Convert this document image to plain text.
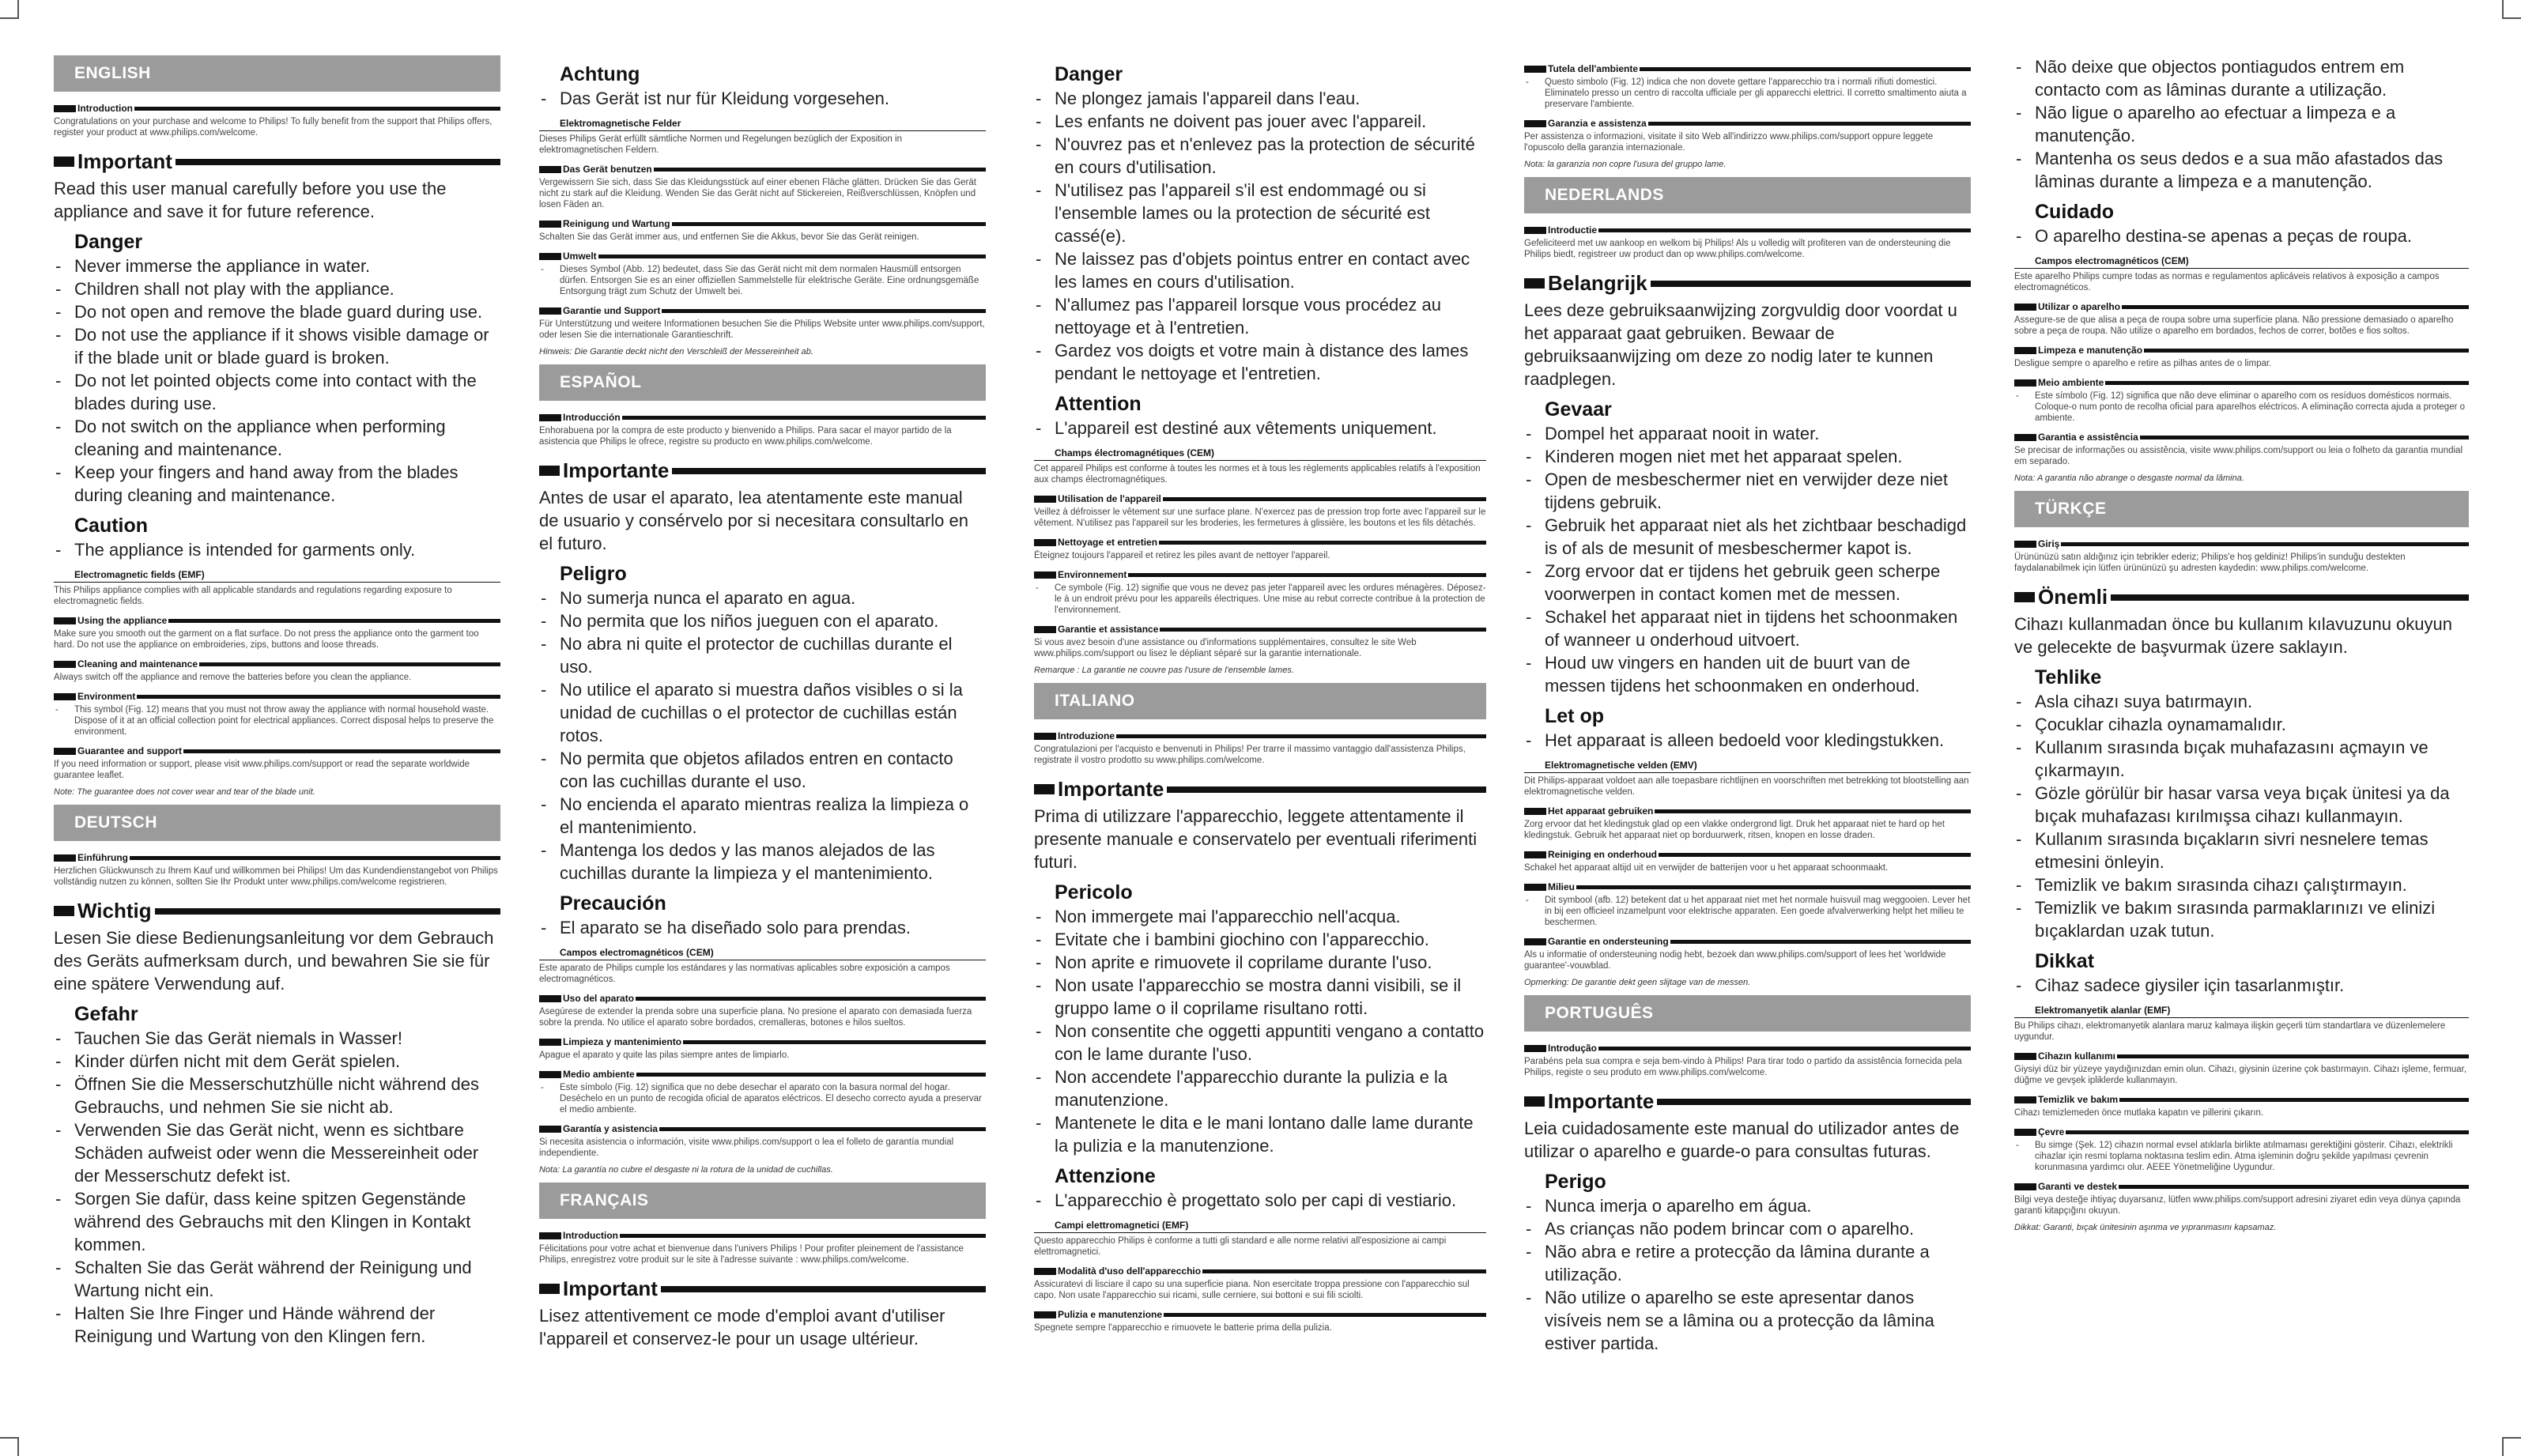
ENGLISH
Introduction

Congratulations on your purchase and welcome to Philips! To fully benefit from the support that Philips offers, register your product at www.philips.com/welcome.

Important

Read this user manual carefully before you use the appliance and save it for future reference.

Danger
- Never immerse the appliance in water.
- Children shall not play with the appliance.
- Do not open and remove the blade guard during use.
- Do not use the appliance if it shows visible damage or if the blade unit or blade guard is broken.
- Do not let pointed objects come into contact with the blades during use.
- Do not switch on the appliance when performing cleaning and maintenance.
- Keep your fingers and hand away from the blades during cleaning and maintenance.
Caution
- The appliance is intended for garments only.
Electromagnetic fields (EMF)

This Philips appliance complies with all applicable standards and regulations regarding exposure to electromagnetic fields.

Using the appliance

Make sure you smooth out the garment on a flat surface. Do not press the appliance onto the garment too hard. Do not use the appliance on embroideries, zips, buttons and loose threads.

Cleaning and maintenance

Always switch off the appliance and remove the batteries before you clean the appliance.

Environment
- This symbol (Fig. 12) means that you must not throw away the appliance with normal household waste. Dispose of it at an official collection point for electrical appliances. Correct disposal helps to preserve the environment.
Guarantee and support

If you need information or support, please visit www.philips.com/support or read the separate worldwide guarantee leaflet.

Note: The guarantee does not cover wear and tear of the blade unit.

DEUTSCH
Einführung

Herzlichen Glückwunsch zu Ihrem Kauf und willkommen bei Philips! Um das Kundendienstangebot von Philips vollständig nutzen zu können, sollten Sie Ihr Produkt unter www.philips.com/welcome registrieren.

Wichtig

Lesen Sie diese Bedienungsanleitung vor dem Gebrauch des Geräts aufmerksam durch, und bewahren Sie sie für eine spätere Verwendung auf.

Gefahr
- Tauchen Sie das Gerät niemals in Wasser!
- Kinder dürfen nicht mit dem Gerät spielen.
- Öffnen Sie die Messerschutzhülle nicht während des Gebrauchs, und nehmen Sie sie nicht ab.
- Verwenden Sie das Gerät nicht, wenn es sichtbare Schäden aufweist oder wenn die Messereinheit oder der Messerschutz defekt ist.
- Sorgen Sie dafür, dass keine spitzen Gegenstände während des Gebrauchs mit den Klingen in Kontakt kommen.
- Schalten Sie das Gerät während der Reinigung und Wartung nicht ein.
- Halten Sie Ihre Finger und Hände während der Reinigung und Wartung von den Klingen fern.
Achtung
- Das Gerät ist nur für Kleidung vorgesehen.
Elektromagnetische Felder

Dieses Philips Gerät erfüllt sämtliche Normen und Regelungen bezüglich der Exposition in elektromagnetischen Feldern.

Das Gerät benutzen

Vergewissern Sie sich, dass Sie das Kleidungsstück auf einer ebenen Fläche glätten. Drücken Sie das Gerät nicht zu stark auf die Kleidung. Wenden Sie das Gerät nicht auf Stickereien, Reißverschlüssen, Knöpfen und losen Fäden an.

Reinigung und Wartung

Schalten Sie das Gerät immer aus, und entfernen Sie die Akkus, bevor Sie das Gerät reinigen.

Umwelt
- Dieses Symbol (Abb. 12) bedeutet, dass Sie das Gerät nicht mit dem normalen Hausmüll entsorgen dürfen. Entsorgen Sie es an einer offiziellen Sammelstelle für elektrische Geräte. Eine ordnungsgemäße Entsorgung trägt zum Schutz der Umwelt bei.
Garantie und Support

Für Unterstützung und weitere Informationen besuchen Sie die Philips Website unter www.philips.com/support, oder lesen Sie die internationale Garantieschrift.

Hinweis: Die Garantie deckt nicht den Verschleiß der Messereinheit ab.

ESPAÑOL
Introducción

Enhorabuena por la compra de este producto y bienvenido a Philips. Para sacar el mayor partido de la asistencia que Philips le ofrece, registre su producto en www.philips.com/welcome.

Importante

Antes de usar el aparato, lea atentamente este manual de usuario y consérvelo por si necesitara consultarlo en el futuro.

Peligro
- No sumerja nunca el aparato en agua.
- No permita que los niños jueguen con el aparato.
- No abra ni quite el protector de cuchillas durante el uso.
- No utilice el aparato si muestra daños visibles o si la unidad de cuchillas o el protector de cuchillas están rotos.
- No permita que objetos afilados entren en contacto con las cuchillas durante el uso.
- No encienda el aparato mientras realiza la limpieza o el mantenimiento.
- Mantenga los dedos y las manos alejados de las cuchillas durante la limpieza y el mantenimiento.
Precaución
- El aparato se ha diseñado solo para prendas.
Campos electromagnéticos (CEM)

Este aparato de Philips cumple los estándares y las normativas aplicables sobre exposición a campos electromagnéticos.

Uso del aparato

Asegúrese de extender la prenda sobre una superficie plana. No presione el aparato con demasiada fuerza sobre la prenda. No utilice el aparato sobre bordados, cremalleras, botones e hilos sueltos.

Limpieza y mantenimiento

Apague el aparato y quite las pilas siempre antes de limpiarlo.

Medio ambiente
- Este símbolo (Fig. 12) significa que no debe desechar el aparato con la basura normal del hogar. Deséchelo en un punto de recogida oficial de aparatos eléctricos. El desecho correcto ayuda a preservar el medio ambiente.
Garantía y asistencia

Si necesita asistencia o información, visite www.philips.com/support o lea el folleto de garantía mundial independiente.

Nota: La garantía no cubre el desgaste ni la rotura de la unidad de cuchillas.

FRANÇAIS
Introduction

Félicitations pour votre achat et bienvenue dans l'univers Philips ! Pour profiter pleinement de l'assistance Philips, enregistrez votre produit sur le site à l'adresse suivante : www.philips.com/welcome.

Important

Lisez attentivement ce mode d'emploi avant d'utiliser l'appareil et conservez-le pour un usage ultérieur.

Danger
- Ne plongez jamais l'appareil dans l'eau.
- Les enfants ne doivent pas jouer avec l'appareil.
- N'ouvrez pas et n'enlevez pas la protection de sécurité en cours d'utilisation.
- N'utilisez pas l'appareil s'il est endommagé ou si l'ensemble lames ou la protection de sécurité est cassé(e).
- Ne laissez pas d'objets pointus entrer en contact avec les lames en cours d'utilisation.
- N'allumez pas l'appareil lorsque vous procédez au nettoyage et à l'entretien.
- Gardez vos doigts et votre main à distance des lames pendant le nettoyage et l'entretien.
Attention
- L'appareil est destiné aux vêtements uniquement.
Champs électromagnétiques (CEM)

Cet appareil Philips est conforme à toutes les normes et à tous les règlements applicables relatifs à l'exposition aux champs électromagnétiques.

Utilisation de l'appareil

Veillez à défroisser le vêtement sur une surface plane. N'exercez pas de pression trop forte avec l'appareil sur le vêtement. N'utilisez pas l'appareil sur les broderies, les fermetures à glissière, les boutons et les fils détachés.

Nettoyage et entretien

Éteignez toujours l'appareil et retirez les piles avant de nettoyer l'appareil.

Environnement
- Ce symbole (Fig. 12) signifie que vous ne devez pas jeter l'appareil avec les ordures ménagères. Déposez-le à un endroit prévu pour les appareils électriques. Une mise au rebut correcte contribue à la protection de l'environnement.
Garantie et assistance

Si vous avez besoin d'une assistance ou d'informations supplémentaires, consultez le site Web www.philips.com/support ou lisez le dépliant séparé sur la garantie internationale.

Remarque : La garantie ne couvre pas l'usure de l'ensemble lames.

ITALIANO
Introduzione

Congratulazioni per l'acquisto e benvenuti in Philips! Per trarre il massimo vantaggio dall'assistenza Philips, registrate il vostro prodotto su www.philips.com/welcome.

Importante

Prima di utilizzare l'apparecchio, leggete attentamente il presente manuale e conservatelo per eventuali riferimenti futuri.

Pericolo
- Non immergete mai l'apparecchio nell'acqua.
- Evitate che i bambini giochino con l'apparecchio.
- Non aprite e rimuovete il coprilame durante l'uso.
- Non usate l'apparecchio se mostra danni visibili, se il gruppo lame o il coprilame risultano rotti.
- Non consentite che oggetti appuntiti vengano a contatto con le lame durante l'uso.
- Non accendete l'apparecchio durante la pulizia e la manutenzione.
- Mantenete le dita e le mani lontano dalle lame durante la pulizia e la manutenzione.
Attenzione
- L'apparecchio è progettato solo per capi di vestiario.
Campi elettromagnetici (EMF)

Questo apparecchio Philips è conforme a tutti gli standard e alle norme relativi all'esposizione ai campi elettromagnetici.

Modalità d'uso dell'apparecchio

Assicuratevi di lisciare il capo su una superficie piana. Non esercitate troppa pressione con l'apparecchio sul capo. Non usate l'apparecchio sui ricami, sulle cerniere, sui bottoni e sui fili sciolti.

Pulizia e manutenzione

Spegnete sempre l'apparecchio e rimuovete le batterie prima della pulizia.

Tutela dell'ambiente
- Questo simbolo (Fig. 12) indica che non dovete gettare l'apparecchio tra i normali rifiuti domestici. Eliminatelo presso un centro di raccolta ufficiale per gli apparecchi elettrici. Il corretto smaltimento aiuta a preservare l'ambiente.
Garanzia e assistenza

Per assistenza o informazioni, visitate il sito Web all'indirizzo www.philips.com/support oppure leggete l'opuscolo della garanzia internazionale.

Nota: la garanzia non copre l'usura del gruppo lame.

NEDERLANDS
Introductie

Gefeliciteerd met uw aankoop en welkom bij Philips! Als u volledig wilt profiteren van de ondersteuning die Philips biedt, registreer uw product dan op www.philips.com/welcome.

Belangrijk

Lees deze gebruiksaanwijzing zorgvuldig door voordat u het apparaat gaat gebruiken. Bewaar de gebruiksaanwijzing om deze zo nodig later te kunnen raadplegen.

Gevaar
- Dompel het apparaat nooit in water.
- Kinderen mogen niet met het apparaat spelen.
- Open de mesbeschermer niet en verwijder deze niet tijdens gebruik.
- Gebruik het apparaat niet als het zichtbaar beschadigd is of als de mesunit of mesbeschermer kapot is.
- Zorg ervoor dat er tijdens het gebruik geen scherpe voorwerpen in contact komen met de messen.
- Schakel het apparaat niet in tijdens het schoonmaken of wanneer u onderhoud uitvoert.
- Houd uw vingers en handen uit de buurt van de messen tijdens het schoonmaken en onderhoud.
Let op
- Het apparaat is alleen bedoeld voor kledingstukken.
Elektromagnetische velden (EMV)

Dit Philips-apparaat voldoet aan alle toepasbare richtlijnen en voorschriften met betrekking tot blootstelling aan elektromagnetische velden.

Het apparaat gebruiken

Zorg ervoor dat het kledingstuk glad op een vlakke ondergrond ligt. Druk het apparaat niet te hard op het kledingstuk. Gebruik het apparaat niet op borduurwerk, ritsen, knopen en losse draden.

Reiniging en onderhoud

Schakel het apparaat altijd uit en verwijder de batterijen voor u het apparaat schoonmaakt.

Milieu
- Dit symbool (afb. 12) betekent dat u het apparaat niet met het normale huisvuil mag weggooien. Lever het in bij een officieel inzamelpunt voor elektrische apparaten. Een goede afvalverwerking helpt het milieu te beschermen.
Garantie en ondersteuning

Als u informatie of ondersteuning nodig hebt, bezoek dan www.philips.com/support of lees het 'worldwide guarantee'-vouwblad.

Opmerking: De garantie dekt geen slijtage van de messen.

PORTUGUÊS
Introdução

Parabéns pela sua compra e seja bem-vindo à Philips! Para tirar todo o partido da assistência fornecida pela Philips, registe o seu produto em www.philips.com/welcome.

Importante

Leia cuidadosamente este manual do utilizador antes de utilizar o aparelho e guarde-o para consultas futuras.

Perigo
- Nunca imerja o aparelho em água.
- As crianças não podem brincar com o aparelho.
- Não abra e retire a protecção da lâmina durante a utilização.
- Não utilize o aparelho se este apresentar danos visíveis nem se a lâmina ou a protecção da lâmina estiver partida.
- Não deixe que objectos pontiagudos entrem em contacto com as lâminas durante a utilização.
- Não ligue o aparelho ao efectuar a limpeza e a manutenção.
- Mantenha os seus dedos e a sua mão afastados das lâminas durante a limpeza e a manutenção.
Cuidado
- O aparelho destina-se apenas a peças de roupa.
Campos electromagnéticos (CEM)

Este aparelho Philips cumpre todas as normas e regulamentos aplicáveis relativos à exposição a campos electromagnéticos.

Utilizar o aparelho

Assegure-se de que alisa a peça de roupa sobre uma superfície plana. Não pressione demasiado o aparelho sobre a peça de roupa. Não utilize o aparelho em bordados, fechos de correr, botões e fios soltos.

Limpeza e manutenção

Desligue sempre o aparelho e retire as pilhas antes de o limpar.

Meio ambiente
- Este símbolo (Fig. 12) significa que não deve eliminar o aparelho com os resíduos domésticos normais. Coloque-o num ponto de recolha oficial para aparelhos eléctricos. A eliminação correcta ajuda a proteger o ambiente.
Garantia e assistência

Se precisar de informações ou assistência, visite www.philips.com/support ou leia o folheto da garantia mundial em separado.

Nota: A garantia não abrange o desgaste normal da lâmina.

TÜRKÇE
Giriş

Ürününüzü satın aldığınız için tebrikler ederiz; Philips'e hoş geldiniz! Philips'in sunduğu destekten faydalanabilmek için lütfen ürününüzü şu adresten kaydedin: www.philips.com/welcome.

Önemli

Cihazı kullanmadan önce bu kullanım kılavuzunu okuyun ve gelecekte de başvurmak üzere saklayın.

Tehlike
- Asla cihazı suya batırmayın.
- Çocuklar cihazla oynamamalıdır.
- Kullanım sırasında bıçak muhafazasını açmayın ve çıkarmayın.
- Gözle görülür bir hasar varsa veya bıçak ünitesi ya da bıçak muhafazası kırılmışsa cihazı kullanmayın.
- Kullanım sırasında bıçakların sivri nesnelere temas etmesini önleyin.
- Temizlik ve bakım sırasında cihazı çalıştırmayın.
- Temizlik ve bakım sırasında parmaklarınızı ve elinizi bıçaklardan uzak tutun.
Dikkat
- Cihaz sadece giysiler için tasarlanmıştır.
Elektromanyetik alanlar (EMF)

Bu Philips cihazı, elektromanyetik alanlara maruz kalmaya ilişkin geçerli tüm standartlara ve düzenlemelere uygundur.

Cihazın kullanımı

Giysiyi düz bir yüzeye yaydığınızdan emin olun. Cihazı, giysinin üzerine çok bastırmayın. Cihazı işleme, fermuar, düğme ve gevşek ipliklerde kullanmayın.

Temizlik ve bakım

Cihazı temizlemeden önce mutlaka kapatın ve pillerini çıkarın.

Çevre
- Bu simge (Şek. 12) cihazın normal evsel atıklarla birlikte atılmaması gerektiğini gösterir. Cihazı, elektrikli cihazlar için resmi toplama noktasına teslim edin. Atma işleminin doğru şekilde yapılması çevrenin korunmasına yardımcı olur. AEEE Yönetmeliğine Uygundur.
Garanti ve destek

Bilgi veya desteğe ihtiyaç duyarsanız, lütfen www.philips.com/support adresini ziyaret edin veya dünya çapında garanti kitapçığını okuyun.

Dikkat: Garanti, bıçak ünitesinin aşınma ve yıpranmasını kapsamaz.
